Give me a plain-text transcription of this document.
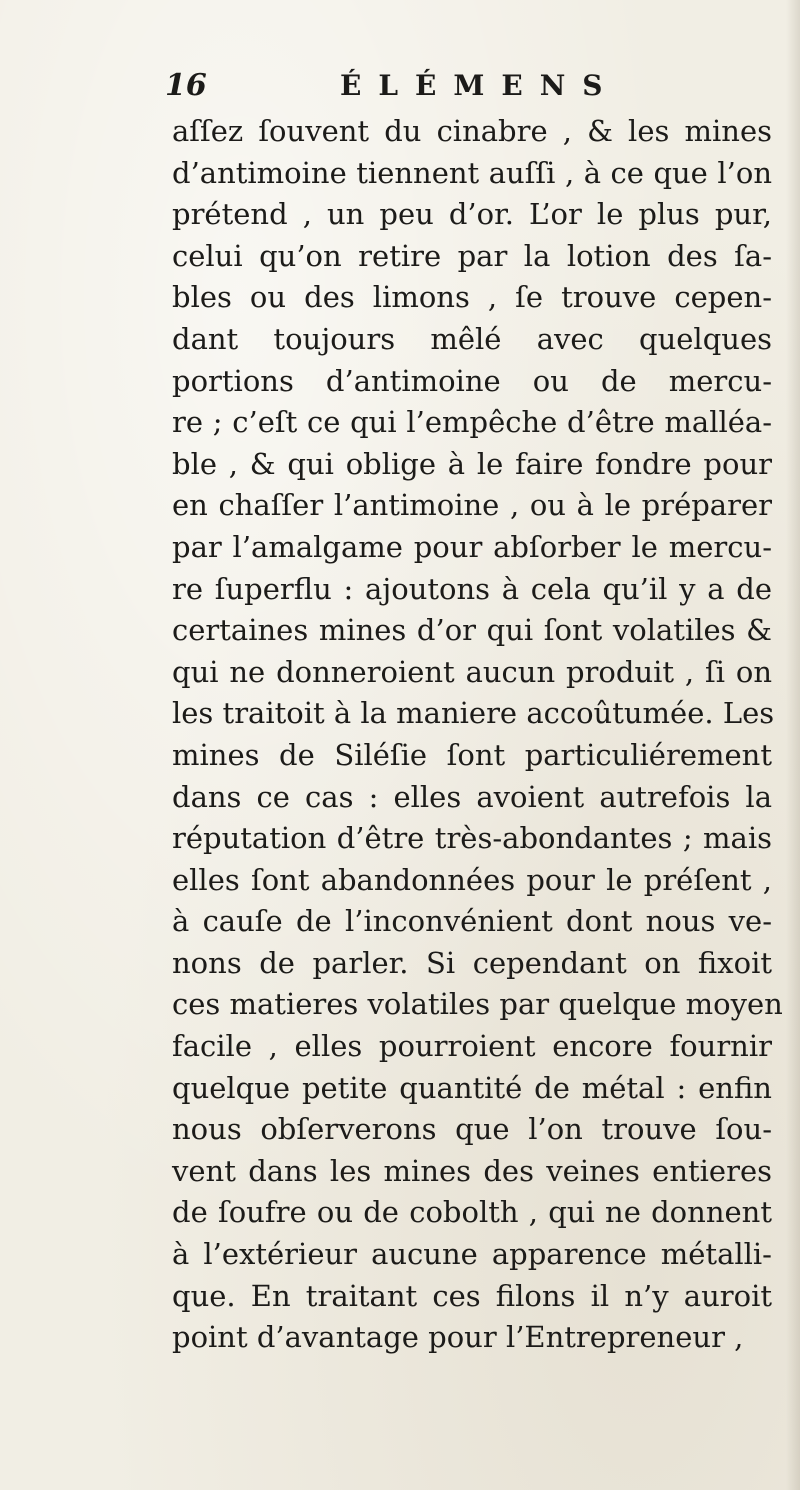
16	ÉLÉMENS
aſſez ſouvent du cinabre , & les mines
d’antimoine tiennent auſſi , à ce que l’on
prétend , un peu d’or. L’or le plus pur,
celui qu’on retire par la lotion des ſa-
bles ou des limons , ſe trouve cepen-
dant toujours mêlé avec quelques
portions d’antimoine ou de mercu-
re ; c’eſt ce qui l’empêche d’être malléa-
ble , & qui oblige à le faire fondre pour
en chaſſer l’antimoine , ou à le préparer
par l’amalgame pour abſorber le mercu-
re ſuperflu : ajoutons à cela qu’il y a de
certaines mines d’or qui ſont volatiles &
qui ne donneroient aucun produit , ſi on
les traitoit à la maniere accoûtumée. Les
mines de Siléſie ſont particuliérement
dans ce cas : elles avoient autrefois la
réputation d’être très-abondantes ; mais
elles ſont abandonnées pour le préſent ,
à cauſe de l’inconvénient dont nous ve-
nons de parler. Si cependant on fixoit
ces matieres volatiles par quelque moyen
facile , elles pourroient encore fournir
quelque petite quantité de métal : enfin
nous obſerverons que l’on trouve ſou-
vent dans les mines des veines entieres
de ſoufre ou de cobolth , qui ne donnent
à l’extérieur aucune apparence métalli-
que. En traitant ces filons il n’y auroit
point d’avantage pour l’Entrepreneur ,
